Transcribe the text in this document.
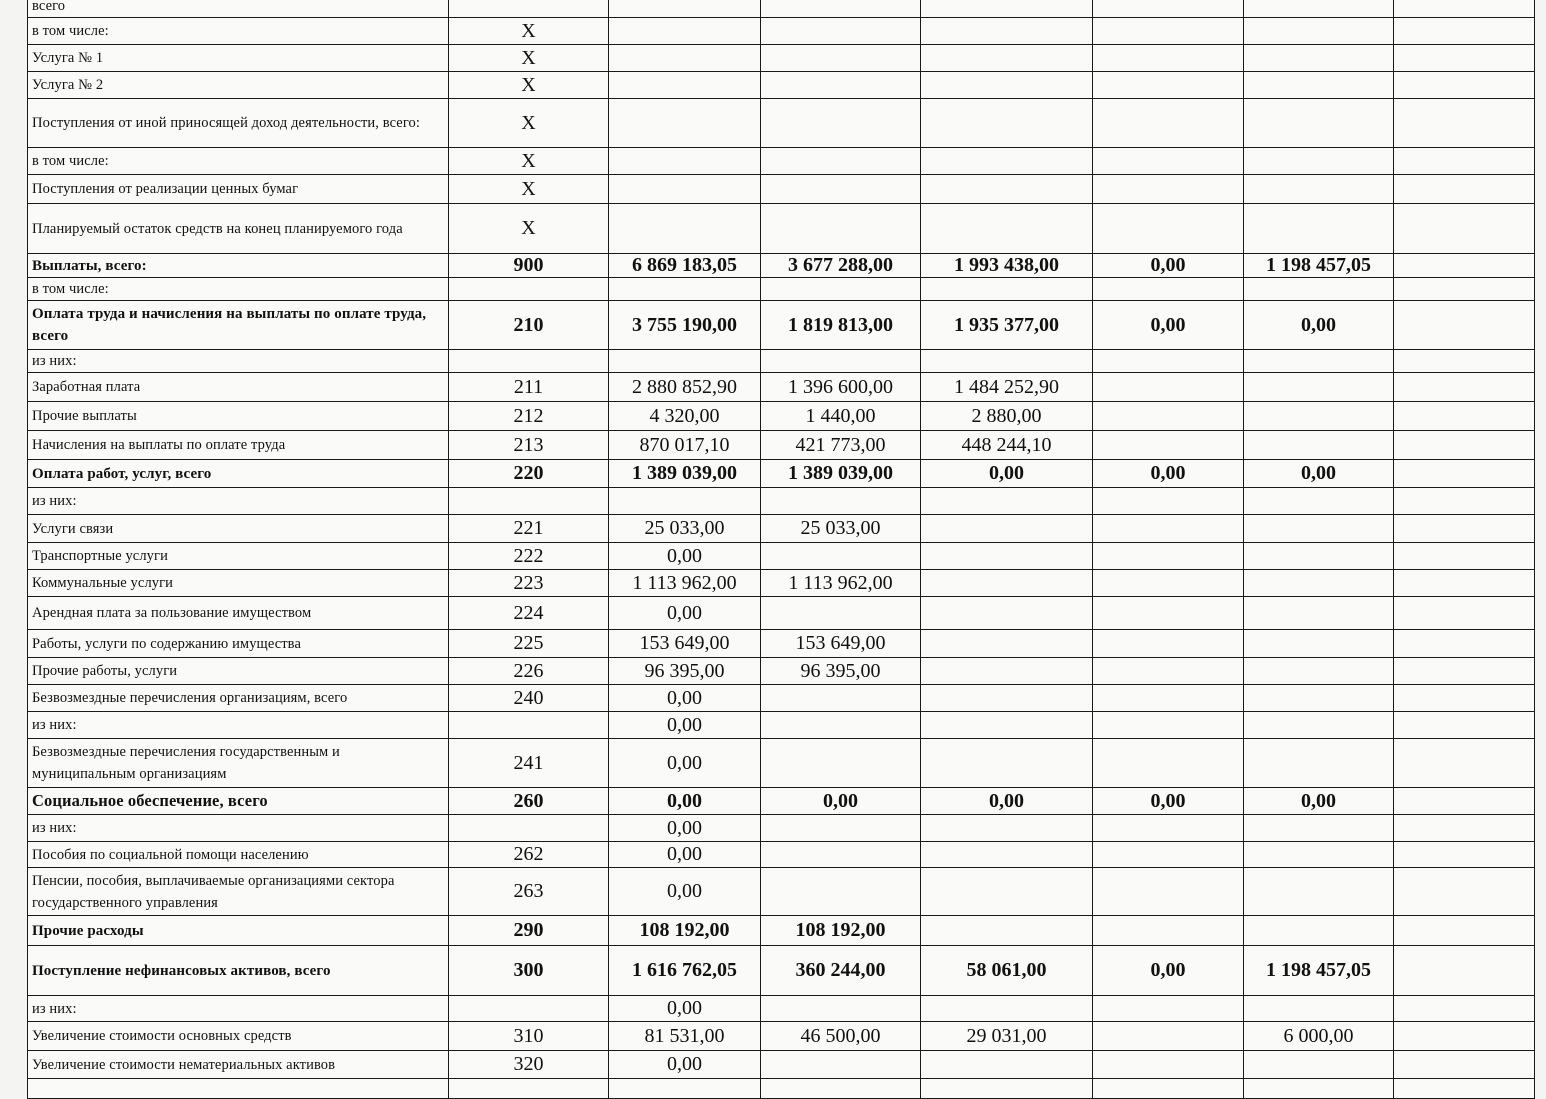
всего							
в том числе:	X						
Услуга № 1	X						
Услуга № 2	X						
Поступления от иной приносящей доход деятельности, всего:	X						
в том числе:	X						
Поступления от реализации ценных бумаг	X						
Планируемый остаток средств на конец планируемого года	X						
Выплаты, всего:	900	6 869 183,05	3 677 288,00	1 993 438,00	0,00	1 198 457,05	
в том числе:							
Оплата труда и начисления на выплаты по оплате труда, всего	210	3 755 190,00	1 819 813,00	1 935 377,00	0,00	0,00	
из них:							
Заработная плата	211	2 880 852,90	1 396 600,00	1 484 252,90			
Прочие выплаты	212	4 320,00	1 440,00	2 880,00			
Начисления на выплаты по оплате труда	213	870 017,10	421 773,00	448 244,10			
Оплата работ, услуг, всего	220	1 389 039,00	1 389 039,00	0,00	0,00	0,00	
из них:							
Услуги связи	221	25 033,00	25 033,00				
Транспортные услуги	222	0,00					
Коммунальные услуги	223	1 113 962,00	1 113 962,00				
Арендная плата за пользование имуществом	224	0,00					
Работы, услуги по содержанию имущества	225	153 649,00	153 649,00				
Прочие работы, услуги	226	96 395,00	96 395,00				
Безвозмездные перечисления организациям, всего	240	0,00					
из них:		0,00					
Безвозмездные перечисления государственным и муниципальным организациям	241	0,00					
Социальное обеспечение, всего	260	0,00	0,00	0,00	0,00	0,00	
из них:		0,00					
Пособия по социальной помощи населению	262	0,00					
Пенсии, пособия, выплачиваемые организациями сектора государственного управления	263	0,00					
Прочие расходы	290	108 192,00	108 192,00				
Поступление нефинансовых активов, всего	300	1 616 762,05	360 244,00	58 061,00	0,00	1 198 457,05	
из них:		0,00					
Увеличение стоимости основных средств	310	81 531,00	46 500,00	29 031,00		6 000,00	
Увеличение стоимости нематериальных активов	320	0,00					
